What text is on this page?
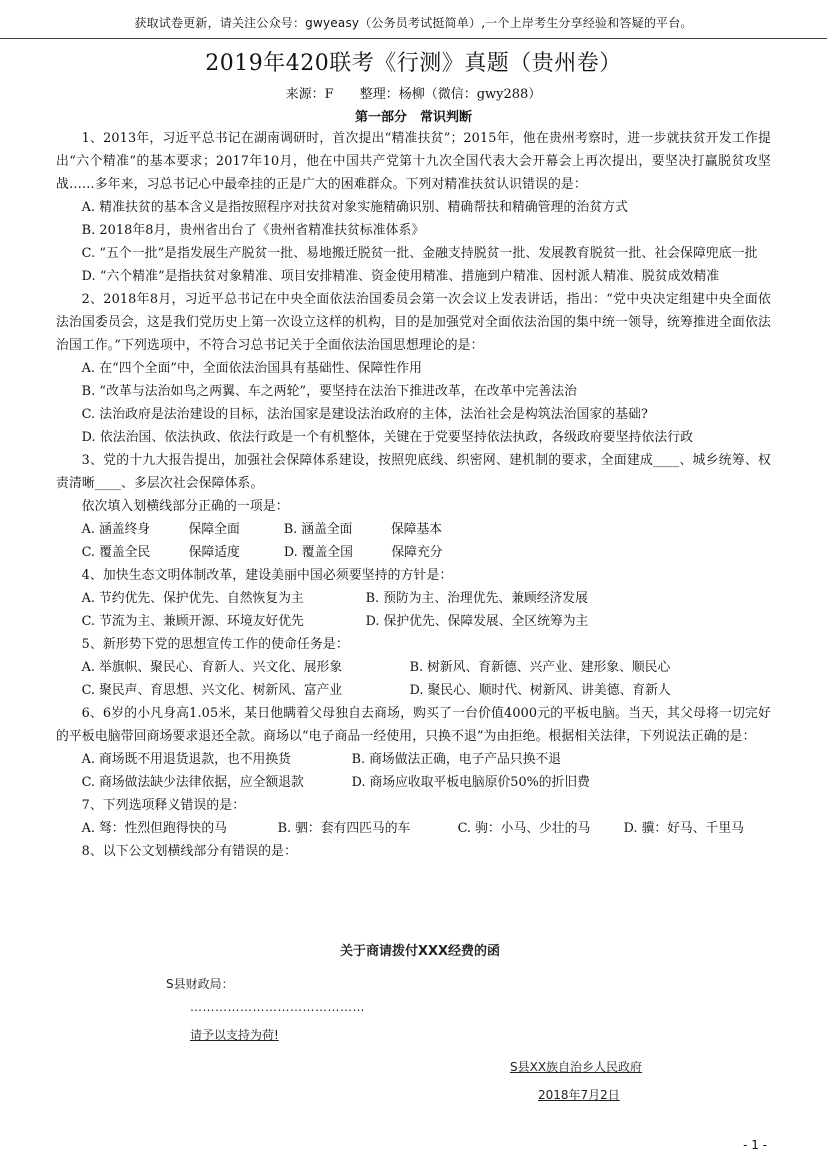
获取试卷更新，请关注公众号：gwyeasy（公务员考试挺简单）,一个上岸考生分享经验和答疑的平台。
2019年420联考《行测》真题（贵州卷）
来源：F　　整理：杨柳（微信：gwy288）
第一部分　常识判断

1、2013年，习近平总书记在湖南调研时，首次提出“精准扶贫”；2015年，他在贵州考察时，进一步就扶贫开发工作提出“六个精准”的基本要求；2017年10月，他在中国共产党第十九次全国代表大会开幕会上再次提出，要坚决打赢脱贫攻坚战……多年来，习总书记心中最牵挂的正是广大的困难群众。下列对精准扶贫认识错误的是：

A. 精准扶贫的基本含义是指按照程序对扶贫对象实施精确识别、精确帮扶和精确管理的治贫方式

B. 2018年8月，贵州省出台了《贵州省精准扶贫标准体系》

C. “五个一批”是指发展生产脱贫一批、易地搬迁脱贫一批、金融支持脱贫一批、发展教育脱贫一批、社会保障兜底一批

D. “六个精准”是指扶贫对象精准、项目安排精准、资金使用精准、措施到户精准、因村派人精准、脱贫成效精准

2、2018年8月，习近平总书记在中央全面依法治国委员会第一次会议上发表讲话，指出：“党中央决定组建中央全面依法治国委员会，这是我们党历史上第一次设立这样的机构，目的是加强党对全面依法治国的集中统一领导，统筹推进全面依法治国工作。”下列选项中，不符合习总书记关于全面依法治国思想理论的是：

A. 在“四个全面”中，全面依法治国具有基础性、保障性作用

B. “改革与法治如鸟之两翼、车之两轮”，要坚持在法治下推进改革，在改革中完善法治

C. 法治政府是法治建设的目标，法治国家是建设法治政府的主体，法治社会是构筑法治国家的基础?

D. 依法治国、依法执政、依法行政是一个有机整体，关键在于党要坚持依法执政，各级政府要坚持依法行政

3、党的十九大报告提出，加强社会保障体系建设，按照兜底线、织密网、建机制的要求，全面建成____、城乡统筹、权责清晰____、多层次社会保障体系。

依次填入划横线部分正确的一项是：

A. 涵盖终身　　　保障全面	B. 涵盖全面　　　保障基本
C. 覆盖全民　　　保障适度	D. 覆盖全国　　　保障充分

4、加快生态文明体制改革，建设美丽中国必须要坚持的方针是：

A. 节约优先、保护优先、自然恢复为主	B. 预防为主、治理优先、兼顾经济发展
C. 节流为主、兼顾开源、环境友好优先	D. 保护优先、保障发展、全区统筹为主

5、新形势下党的思想宣传工作的使命任务是：

A. 举旗帜、聚民心、育新人、兴文化、展形象	B. 树新风、育新德、兴产业、建形象、顺民心
C. 聚民声、育思想、兴文化、树新风、富产业	D. 聚民心、顺时代、树新风、讲美德、育新人

6、6岁的小凡身高1.05米，某日他瞒着父母独自去商场，购买了一台价值4000元的平板电脑。当天，其父母将一切完好的平板电脑带回商场要求退还全款。商场以“电子商品一经使用，只换不退”为由拒绝。根据相关法律，下列说法正确的是：

A. 商场既不用退货退款，也不用换货	B. 商场做法正确，电子产品只换不退
C. 商场做法缺少法律依据，应全额退款	D. 商场应收取平板电脑原价50%的折旧费

7、下列选项释义错误的是：

A. 驽：性烈但跑得快的马	B. 驷：套有四匹马的车	C. 驹：小马、少壮的马	D. 骥：好马、千里马

8、以下公文划横线部分有错误的是：

关于商请拨付XXX经费的函
S县财政局：
……………………………………
请予以支持为荷!
S县XX族自治乡人民政府
2018年7月2日
- 1 -
